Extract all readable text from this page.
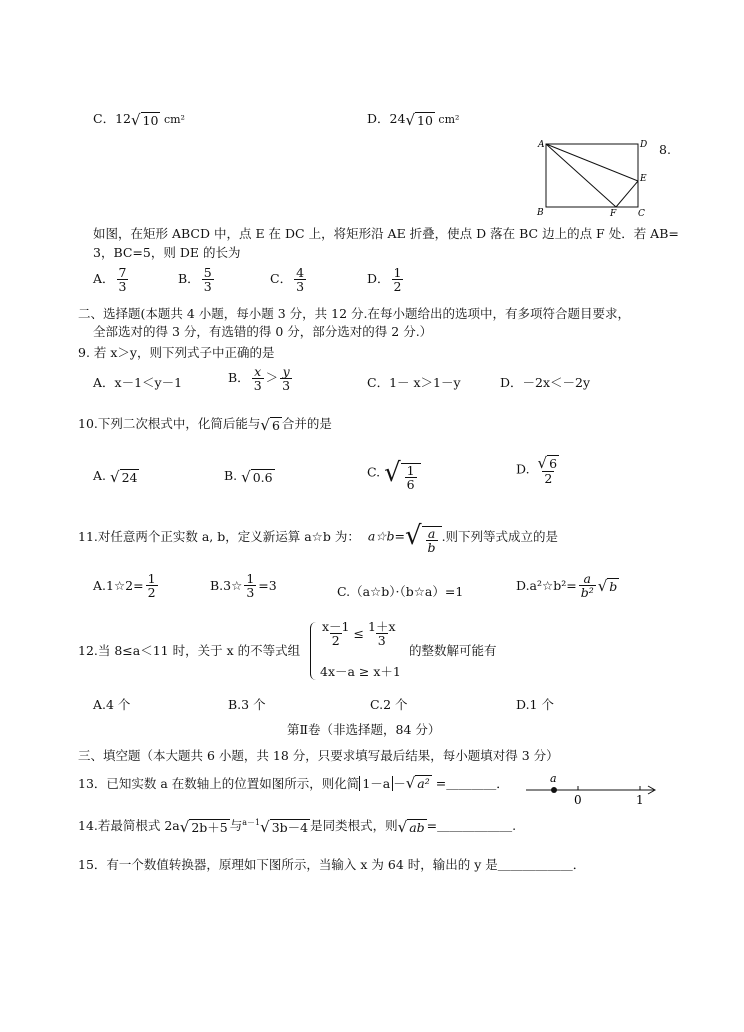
C．12 √ 10 cm²	D．24 √ 10 cm²
A	D
E
B	F C
8.
如图，在矩形 ABCD 中，点 E 在 DC 上，将矩形沿 AE 折叠，使点 D 落在 BC 边上的点 F 处．若 AB=
3，BC=5，则 DE 的长为
A． $\frac{7}{3}$	B． $\frac{5}{3}$	C． $\frac{4}{3}$	D． $\frac{1}{2}$
二、选择题(本题共 4 小题，每小题 3 分，共 12 分.在每小题给出的选项中，有多项符合题目要求，
全部选对的得 3 分，有选错的得 0 分，部分选对的得 2 分.）
9. 若 x＞y，则下列式子中正确的是
A．x－1＜y－1	B． $\frac{x}{3} > \frac{y}{3}$	C．1－ x＞1－y	D．－2x＜－2y
10.下列二次根式中，化简后能与 √ 6 合并的是
A. √ 24	B. √ 0.6	C. √ $\frac{1}{6}$	D. $\frac{√ 6}{2}$
11.对任意两个正实数 a, b，定义新运算 a☆b 为： a☆b= √ $\frac{a}{b}$ .则下列等式成立的是
A.1☆2= $\frac{1}{2}$	B.3☆ $\frac{1}{3} =3$	C.（a☆b）·（b☆a）=1	D.a²☆b²= $\frac{a}{\text{b²}}$ √ b
12.当 8≤a＜11 时，关于 x 的不等式组
$\frac{x-1}{2} \le \frac{1+x}{3}$
4x－a ≥ x＋1
的整数解可能有
A.4 个	B.3 个	C.2 个	D.1 个
第Ⅱ卷（非选择题，84 分）
三、填空题（本大题共 6 小题，共 18 分，只要求填写最后结果，每小题填对得 3 分）
13．已知实数 a 在数轴上的位置如图所示，则化简 1－a － √ a² =＿＿＿＿．	a
0	1
14.若最简根式 2a √ 2b＋5 与$^{a-1}$ √ 3b－4 是同类根式，则 √ ab =＿＿＿＿＿＿.
15．有一个数值转换器，原理如下图所示，当输入 x 为 64 时，输出的 y 是＿＿＿＿＿＿．
